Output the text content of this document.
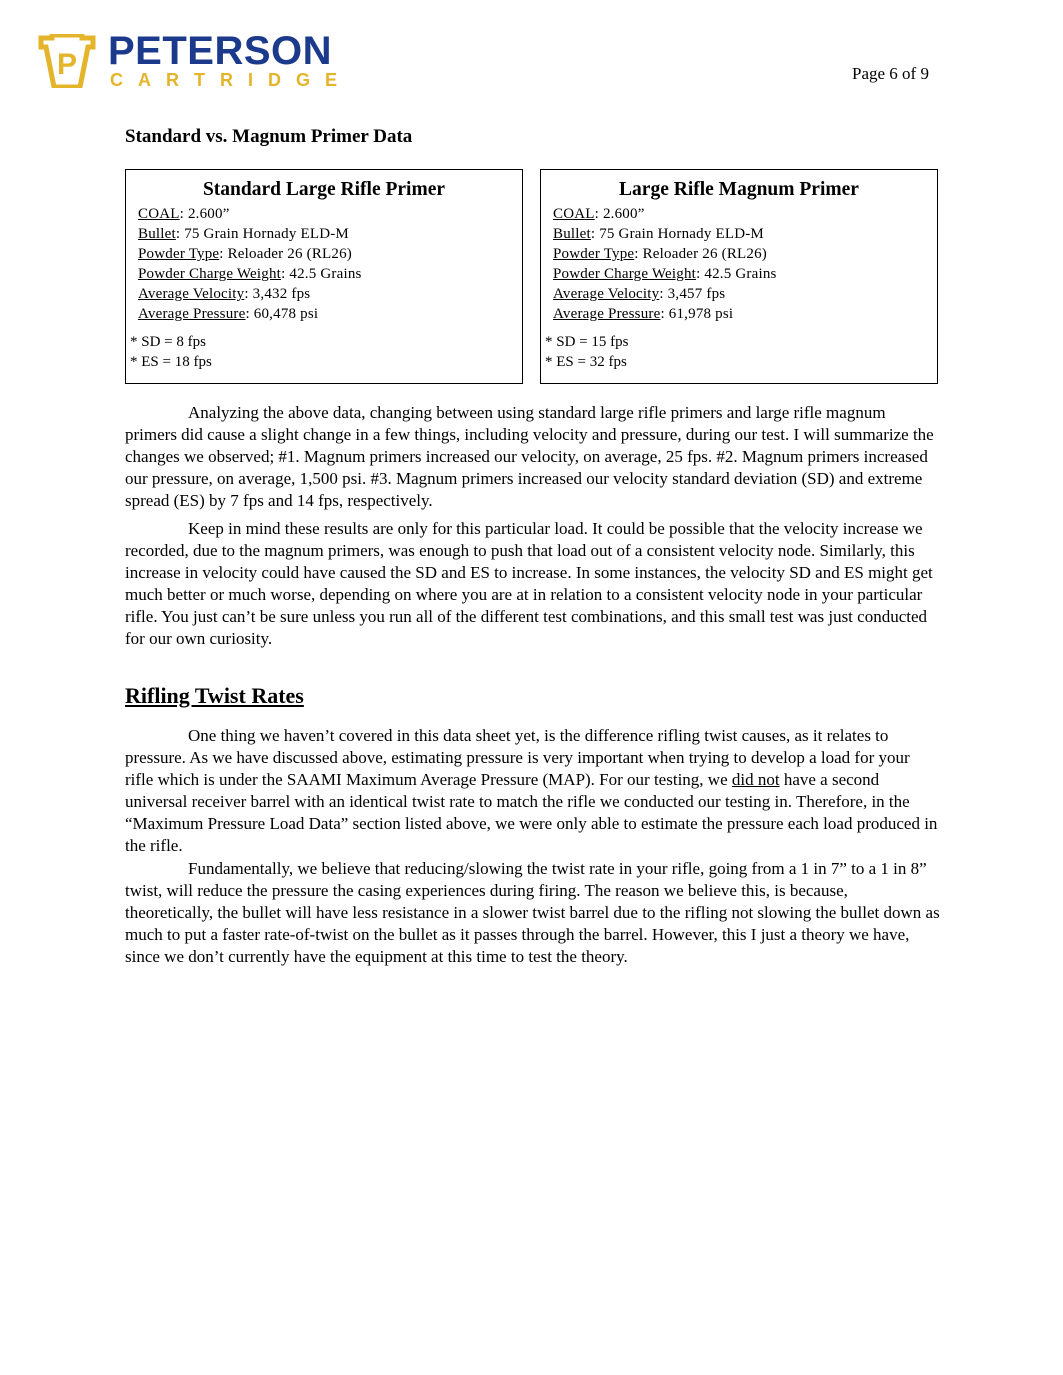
P PETERSON
CARTRIDGE	Page 6 of 9
Standard vs. Magnum Primer Data
Standard Large Rifle Primer
COAL: 2.600”
Bullet: 75 Grain Hornady ELD-M
Powder Type: Reloader 26 (RL26)
Powder Charge Weight: 42.5 Grains
Average Velocity: 3,432 fps
Average Pressure: 60,478 psi
* SD = 8 fps
* ES = 18 fps
Large Rifle Magnum Primer
COAL: 2.600”
Bullet: 75 Grain Hornady ELD-M
Powder Type: Reloader 26 (RL26)
Powder Charge Weight: 42.5 Grains
Average Velocity: 3,457 fps
Average Pressure: 61,978 psi
* SD = 15 fps
* ES = 32 fps

Analyzing the above data, changing between using standard large rifle primers and large rifle magnum primers did cause a slight change in a few things, including velocity and pressure, during our test. I will summarize the changes we observed; #1. Magnum primers increased our velocity, on average, 25 fps. #2. Magnum primers increased our pressure, on average, 1,500 psi. #3. Magnum primers increased our velocity standard deviation (SD) and extreme spread (ES) by 7 fps and 14 fps, respectively.

Keep in mind these results are only for this particular load. It could be possible that the velocity increase we recorded, due to the magnum primers, was enough to push that load out of a consistent velocity node. Similarly, this increase in velocity could have caused the SD and ES to increase. In some instances, the velocity SD and ES might get much better or much worse, depending on where you are at in relation to a consistent velocity node in your particular rifle. You just can’t be sure unless you run all of the different test combinations, and this small test was just conducted for our own curiosity.

Rifling Twist Rates

One thing we haven’t covered in this data sheet yet, is the difference rifling twist causes, as it relates to pressure. As we have discussed above, estimating pressure is very important when trying to develop a load for your rifle which is under the SAAMI Maximum Average Pressure (MAP). For our testing, we did not have a second universal receiver barrel with an identical twist rate to match the rifle we conducted our testing in. Therefore, in the “Maximum Pressure Load Data” section listed above, we were only able to estimate the pressure each load produced in the rifle.

Fundamentally, we believe that reducing/slowing the twist rate in your rifle, going from a 1 in 7” to a 1 in 8” twist, will reduce the pressure the casing experiences during firing. The reason we believe this, is because, theoretically, the bullet will have less resistance in a slower twist barrel due to the rifling not slowing the bullet down as much to put a faster rate-of-twist on the bullet as it passes through the barrel. However, this I just a theory we have, since we don’t currently have the equipment at this time to test the theory.
